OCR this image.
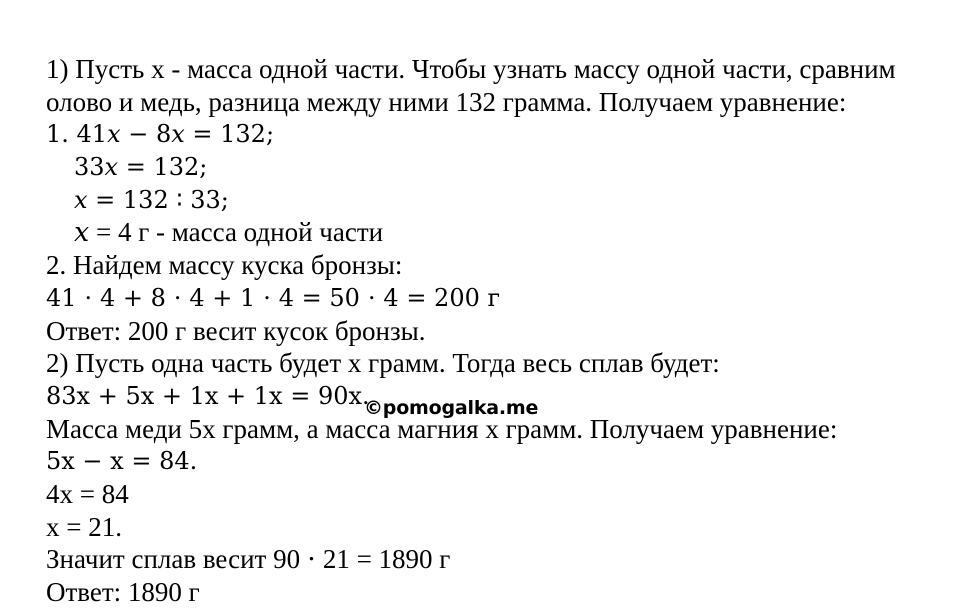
1) Пусть х - масса одной части. Чтобы узнать массу одной части, сравним
олово и медь, разница между ними 132 грамма. Получаем уравнение:
1. 41𝑥 − 8𝑥 = 132;
33𝑥 = 132;
𝑥 = 132 ∶ 33;
𝑥 = 4 г - масса одной части
2. Найдем массу куска бронзы:
41 ⋅ 4 + 8 ⋅ 4 + 1 ⋅ 4 = 50 ⋅ 4 = 200 г
Ответ: 200 г весит кусок бронзы.
2) Пусть одна часть будет х грамм. Тогда весь сплав будет:
83x + 5x + 1x + 1x = 90x.
Масса меди 5х грамм, а масса магния х грамм. Получаем уравнение:
5x − x = 84.
4x = 84
x = 21.
Значит сплав весит 90 ⋅ 21 = 1890 г
Ответ: 1890 г
©pomogalka.me
